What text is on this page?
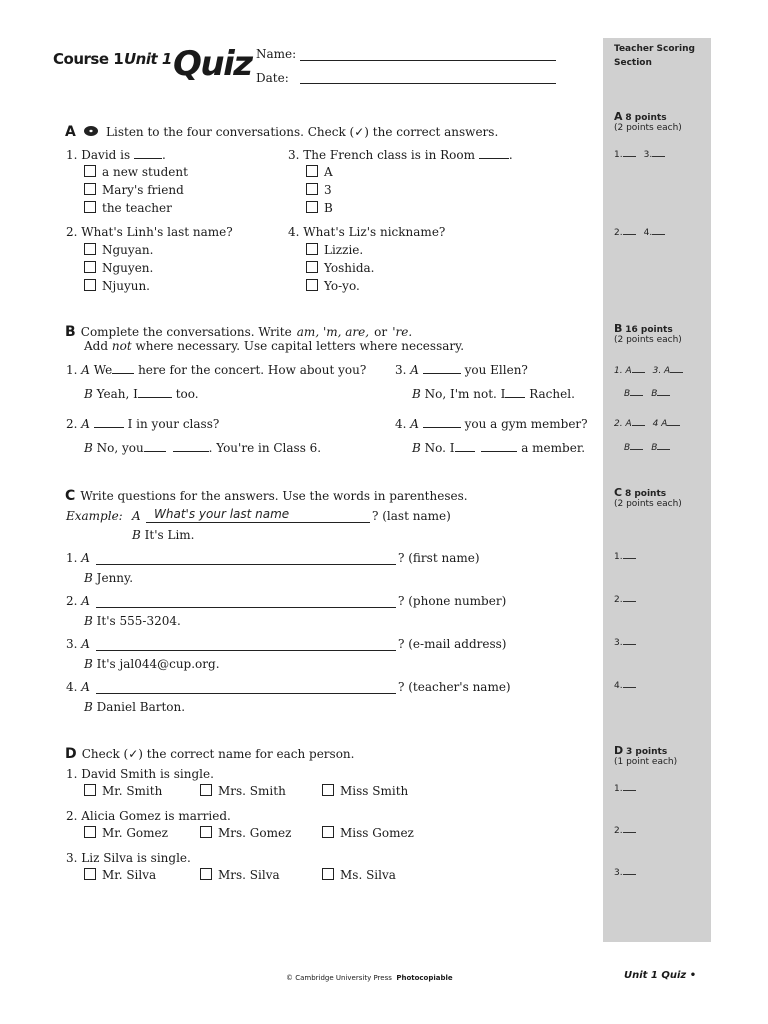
Teacher Scoring
Section
A 8 points
(2 points each)
1. 3.
2. 4.
B 16 points
(2 points each)
1. A 3. A
B B
2. A 4 A
B B
C 8 points
(2 points each)
1.
2.
3.
4.
D 3 points
(1 point each)
1.
2.
3.
Course 1 Unit 1 Quiz Name:
Date:
A	Listen to the four conversations. Check (✓) the correct answers.
1. David is	.
a new student
Mary's friend
the teacher
3. The French class is in Room	.
A
3
B
2. What's Linh's last name?
Nguyan.
Nguyen.
Njuyun.
4. What's Liz's nickname?
Lizzie.
Yoshida.
Yo-yo.
B Complete the conversations. Write am, 'm, are, or 're.
Add not where necessary. Use capital letters where necessary.
1. A We here for the concert. How about you?
B Yeah, I	too.
3. A	you Ellen?
B No, I'm not. I Rachel.
2. A	I in your class?
B No, you	. You're in Class 6.
4. A	you a gym member?
B No. I	a member.
C Write questions for the answers. Use the words in parentheses.
Example: A What's your last name	? (last name)
B It's Lim.
1. A	? (first name)
B Jenny.
2. A	? (phone number)
B It's 555-3204.
3. A	? (e-mail address)
B It's jal044@cup.org.
4. A	? (teacher's name)
B Daniel Barton.
D Check (✓) the correct name for each person.
1. David Smith is single.
Mr. Smith	Mrs. Smith	Miss Smith
2. Alicia Gomez is married.
Mr. Gomez	Mrs. Gomez	Miss Gomez
3. Liz Silva is single.
Mr. Silva	Mrs. Silva	Ms. Silva
© Cambridge University Press Photocopiable	Unit 1 Quiz •
